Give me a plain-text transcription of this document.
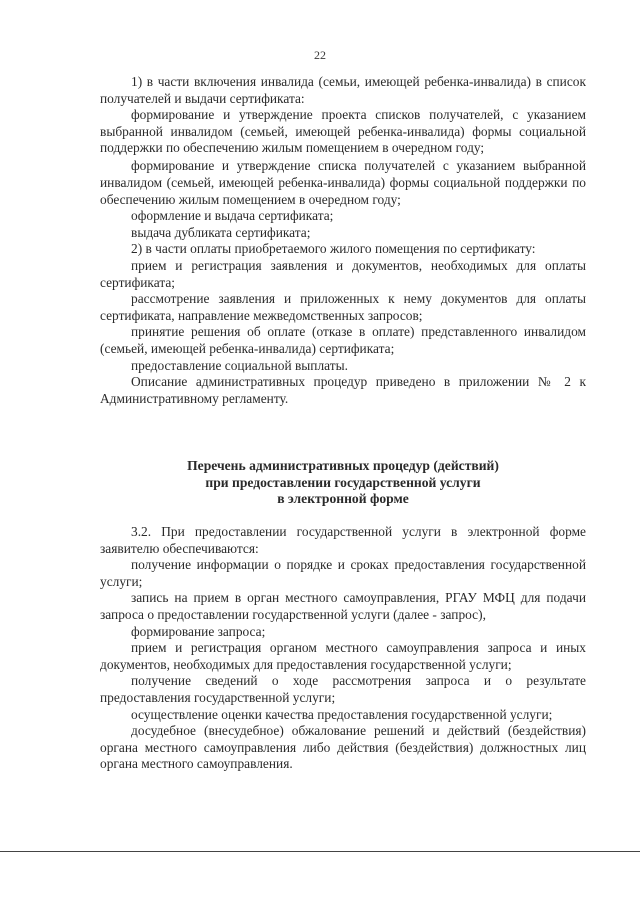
22

1) в части включения инвалида (семьи, имеющей ребенка-инвалида) в список получателей и выдачи сертификата:

формирование и утверждение проекта списков получателей, с указанием выбранной инвалидом (семьей, имеющей ребенка-инвалида) формы социальной поддержки по обеспечению жилым помещением в очередном году;

формирование и утверждение списка получателей с указанием выбранной инвалидом (семьей, имеющей ребенка-инвалида) формы социальной поддержки по обеспечению жилым помещением в очередном году;

оформление и выдача сертификата;

выдача дубликата сертификата;

2) в части оплаты приобретаемого жилого помещения по сертификату:

прием и регистрация заявления и документов, необходимых для оплаты сертификата;

рассмотрение заявления и приложенных к нему документов для оплаты сертификата, направление межведомственных запросов;

принятие решения об оплате (отказе в оплате) представленного инвалидом (семьей, имеющей ребенка-инвалида) сертификата;

предоставление социальной выплаты.

Описание административных процедур приведено в приложении № 2 к Административному регламенту.

Перечень административных процедур (действий)
при предоставлении государственной услуги
в электронной форме

3.2. При предоставлении государственной услуги в электронной форме заявителю обеспечиваются:

получение информации о порядке и сроках предоставления государственной услуги;

запись на прием в орган местного самоуправления, РГАУ МФЦ для подачи запроса о предоставлении государственной услуги (далее - запрос),

формирование запроса;

прием и регистрация органом местного самоуправления запроса и иных документов, необходимых для предоставления государственной услуги;

получение сведений о ходе рассмотрения запроса и о результате предоставления государственной услуги;

осуществление оценки качества предоставления государственной услуги;

досудебное (внесудебное) обжалование решений и действий (бездействия) органа местного самоуправления либо действия (бездействия) должностных лиц органа местного самоуправления.
